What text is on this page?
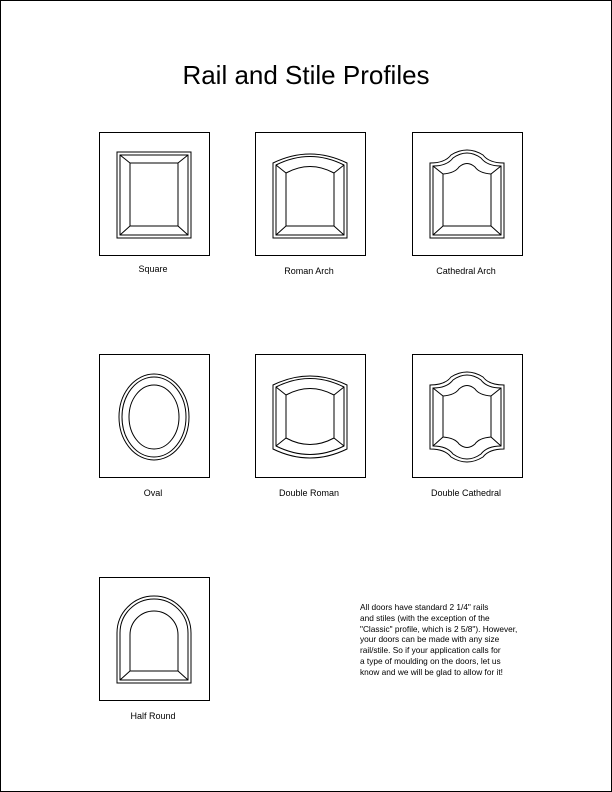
Rail and Stile Profiles
Square	Roman Arch	Cathedral Arch
Oval	Double Roman	Double Cathedral
Half Round
All doors have standard 2 1/4" rails
and stiles (with the exception of the
"Classic" profile, which is 2 5/8"). However,
your doors can be made with any size
rail/stile. So if your application calls for
a type of moulding on the doors, let us
know and we will be glad to allow for it!
